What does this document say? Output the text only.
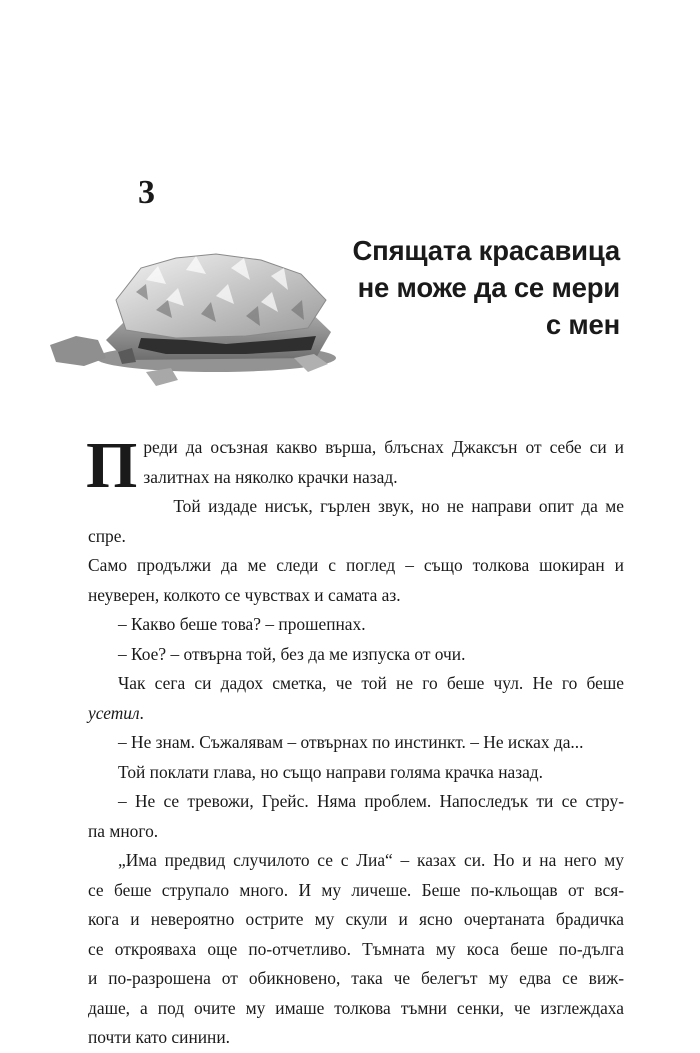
3
Спящата красавица
не може да се мери
с мен

П реди да осъзная какво върша, блъснах Джаксън от себе си и
залитнах на няколко крачки назад.

Той издаде нисък, гърлен звук, но не направи опит да ме спре.
Само продължи да ме следи с поглед – също толкова шокиран и
неуверен, колкото се чувствах и самата аз.

– Какво беше това? – прошепнах.

– Кое? – отвърна той, без да ме изпуска от очи.

Чак сега си дадох сметка, че той не го беше чул. Не го беше
усетил.

– Не знам. Съжалявам – отвърнах по инстинкт. – Не исках да...

Той поклати глава, но също направи голяма крачка назад.

– Не се тревожи, Грейс. Няма проблем. Напоследък ти се стру-
па много.

„Има предвид случилото се с Лиа“ – казах си. Но и на него му
се беше струпало много. И му личеше. Беше по-кльощав от вся-
кога и невероятно острите му скули и ясно очертаната брадичка
се открояваха още по-отчетливо. Тъмната му коса беше по-дълга
и по-разрошена от обикновено, така че белегът му едва се виж-
даше, а под очите му имаше толкова тъмни сенки, че изглеждаха
почти като синини.
